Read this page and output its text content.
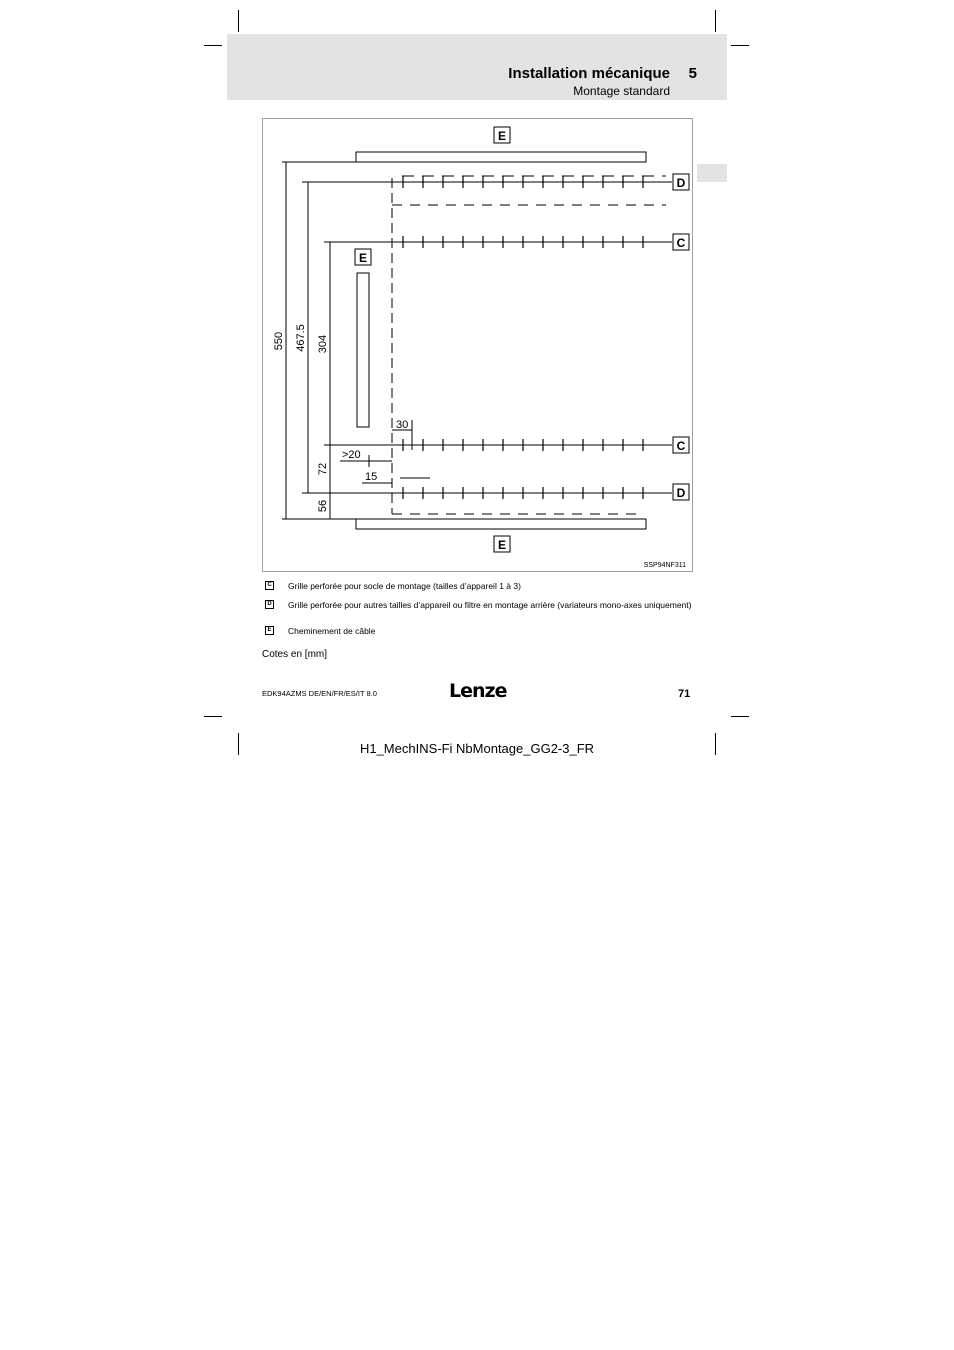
Installation mécanique 5
Montage standard
E
D
C
E
C
D
E
550 467.5 304
72
56
30
>20
15
SSP94NF311
C Grille perforée pour socle de montage (tailles d’appareil 1 à 3)
D Grille perforée pour autres tailles d’appareil ou filtre en montage arrière (variateurs mono-axes uniquement)
E Cheminement de câble
Cotes en [mm]
EDK94AZMS DE/EN/FR/ES/IT 8.0	Lenze	71
H1_MechINS-Fi NbMontage_GG2-3_FR
